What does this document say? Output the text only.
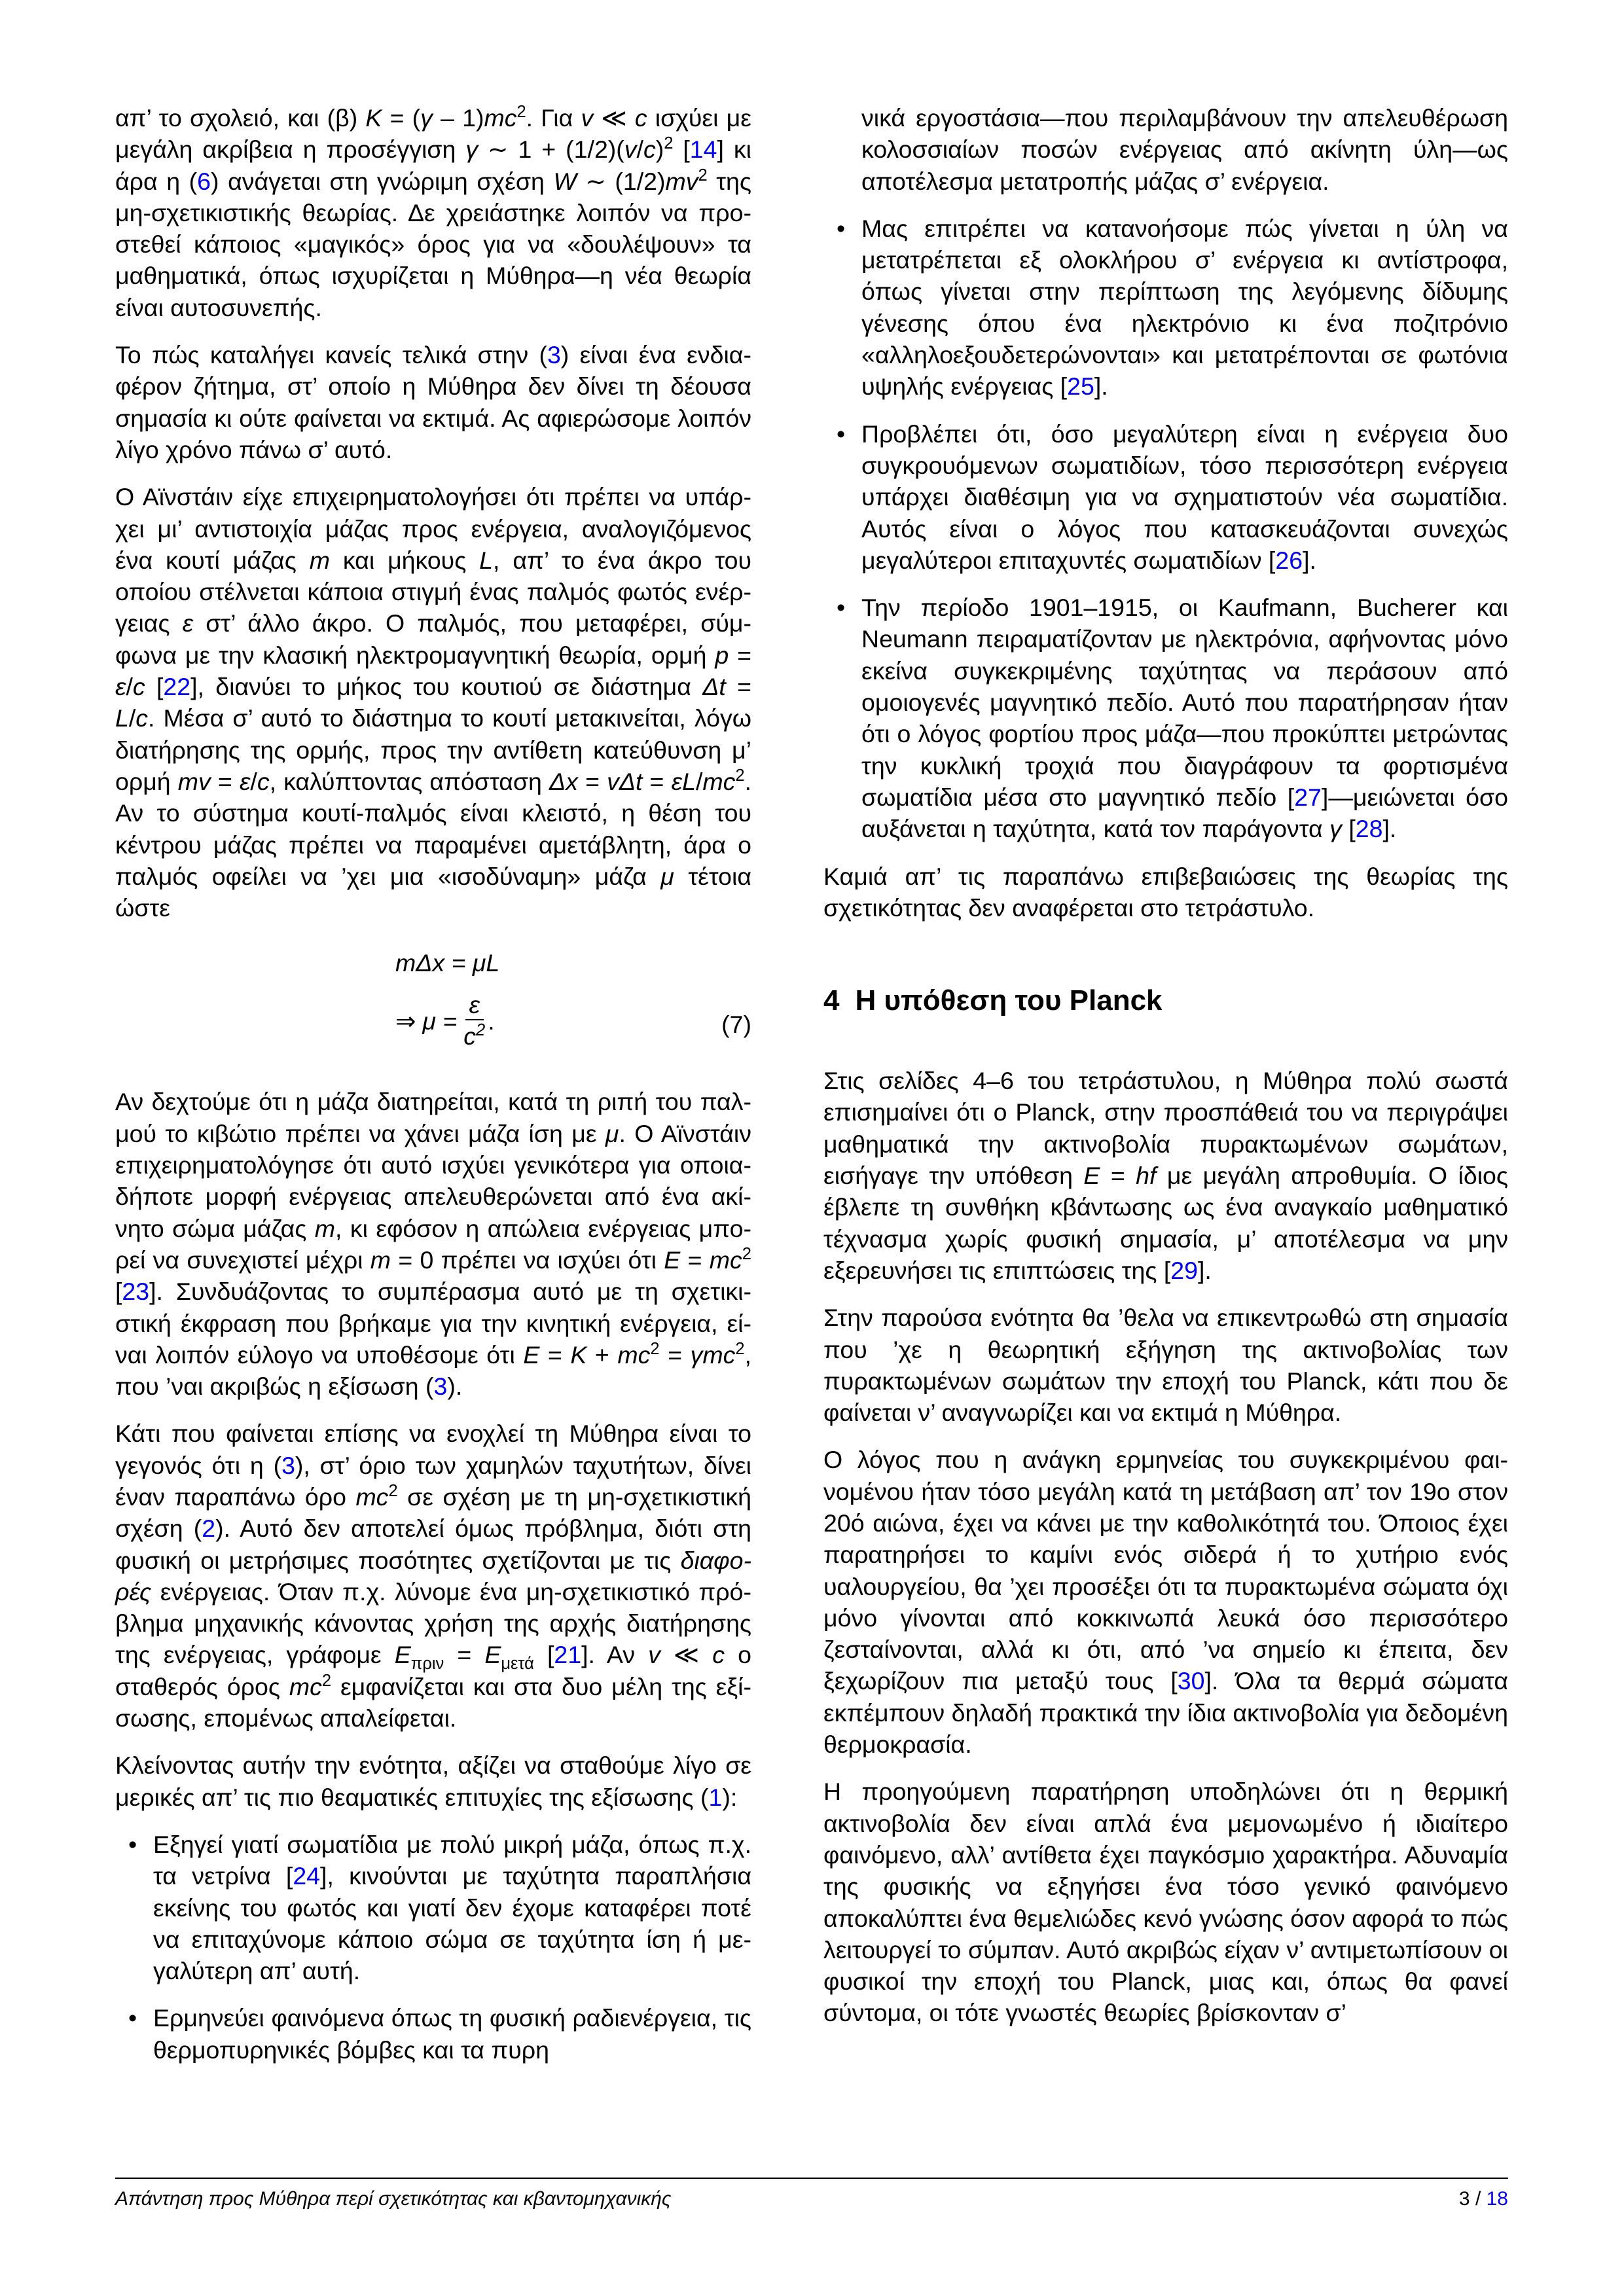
απ’ το σχολειό, και (β) $K = (\gamma - 1)mc^2$. Για v ≪ c ισχύει με μεγάλη ακρίβεια η προσέγγιση γ ∼ $1 + (1/2)(v/c)^2$ [14] κι άρα η (6) ανάγεται στη γνώριμη σχέση W ∼ $(1/2)mv^2$ της μη-σχετικιστικής θεωρίας. Δε χρειάστηκε λοιπόν να προστεθεί κάποιος «μαγικός» όρος για να «δουλέψουν» τα μαθηματικά, όπως ισχυρίζεται η Μύθηρα—η νέα θεωρία είναι αυτοσυνεπής.

Το πώς καταλήγει κανείς τελικά στην (3) είναι ένα ενδιαφέρον ζήτημα, στ’ οποίο η Μύθηρα δεν δίνει τη δέουσα σημασία κι ούτε φαίνεται να εκτιμά. Ας αφιερώσομε λοιπόν λίγο χρόνο πάνω σ’ αυτό.

Ο Αϊνστάιν είχε επιχειρηματολογήσει ότι πρέπει να υπάρχει μι’ αντιστοιχία μάζας προς ενέργεια, αναλογιζόμενος ένα κουτί μάζας m και μήκους L, απ’ το ένα άκρο του οποίου στέλνεται κάποια στιγμή ένας παλμός φωτός ενέργειας ε στ’ άλλο άκρο. Ο παλμός, που μεταφέρει, σύμφωνα με την κλασική ηλεκτρομαγνητική θεωρία, ορμή p = ε/c [22], διανύει το μήκος του κουτιού σε διάστημα Δt = L/c. Μέσα σ’ αυτό το διάστημα το κουτί μετακινείται, λόγω διατήρησης της ορμής, προς την αντίθετη κατεύθυνση μ’ ορμή mv = ε/c, καλύπτοντας απόσταση $\Delta x = v\Delta t = \varepsilon L/mc^2$. Αν το σύστημα κουτί-παλμός είναι κλειστό, η θέση του κέντρου μάζας πρέπει να παραμένει αμετάβλητη, άρα ο παλμός οφείλει να ’χει μια «ισοδύναμη» μάζα μ τέτοια ώστε

mΔx = μL
⇒ $\mu = \frac{\varepsilon}{c^2}$ .	(7)

Αν δεχτούμε ότι η μάζα διατηρείται, κατά τη ριπή του παλμού το κιβώτιο πρέπει να χάνει μάζα ίση με μ. Ο Αϊνστάιν επιχειρηματολόγησε ότι αυτό ισχύει γενικότερα για οποιαδήποτε μορφή ενέργειας απελευθερώνεται από ένα ακίνητο σώμα μάζας m, κι εφόσον η απώλεια ενέργειας μπορεί να συνεχιστεί μέχρι m = 0 πρέπει να ισχύει ότι $E = mc^2$ [23]. Συνδυάζοντας το συμπέρασμα αυτό με τη σχετικιστική έκφραση που βρήκαμε για την κινητική ενέργεια, είναι λοιπόν εύλογο να υποθέσομε ότι $E = K + mc^2 = \gamma mc^2$, που ’ναι ακριβώς η εξίσωση (3).

Κάτι που φαίνεται επίσης να ενοχλεί τη Μύθηρα είναι το γεγονός ότι η (3), στ’ όριο των χαμηλών ταχυτήτων, δίνει έναν παραπάνω όρο $mc^2$ σε σχέση με τη μη-σχετικιστική σχέση (2). Αυτό δεν αποτελεί όμως πρόβλημα, διότι στη φυσική οι μετρήσιμες ποσότητες σχετίζονται με τις διαφορές ενέργειας. Όταν π.χ. λύνομε ένα μη-σχετικιστικό πρόβλημα μηχανικής κάνοντας χρήση της αρχής διατήρησης της ενέργειας, γράφομε $E_{\pi\rho\iota\nu} = E_{\mu\varepsilon\tau ά}$ [21]. Αν v ≪ c ο σταθερός όρος $mc^2$ εμφανίζεται και στα δυο μέλη της εξίσωσης, επομένως απαλείφεται.

Κλείνοντας αυτήν την ενότητα, αξίζει να σταθούμε λίγο σε μερικές απ’ τις πιο θεαματικές επιτυχίες της εξίσωσης (1):

• Εξηγεί γιατί σωματίδια με πολύ μικρή μάζα, όπως π.χ. τα νετρίνα [24], κινούνται με ταχύτητα παραπλήσια εκείνης του φωτός και γιατί δεν έχομε καταφέρει ποτέ να επιταχύνομε κάποιο σώμα σε ταχύτητα ίση ή μεγαλύτερη απ’ αυτή.
• Ερμηνεύει φαινόμενα όπως τη φυσική ραδιενέργεια, τις θερμοπυρηνικές βόμβες και τα πυρη
νικά εργοστάσια—που περιλαμβάνουν την απελευθέρωση κολοσσιαίων ποσών ενέργειας από ακίνητη ύλη—ως αποτέλεσμα μετατροπής μάζας σ’ ενέργεια.
• Μας επιτρέπει να κατανοήσομε πώς γίνεται η ύλη να μετατρέπεται εξ ολοκλήρου σ’ ενέργεια κι αντίστροφα, όπως γίνεται στην περίπτωση της λεγόμενης δίδυμης γένεσης όπου ένα ηλεκτρόνιο κι ένα ποζιτρόνιο «αλληλοεξουδετερώνονται» και μετατρέπονται σε φωτόνια υψηλής ενέργειας [25].
• Προβλέπει ότι, όσο μεγαλύτερη είναι η ενέργεια δυο συγκρουόμενων σωματιδίων, τόσο περισσότερη ενέργεια υπάρχει διαθέσιμη για να σχηματιστούν νέα σωματίδια. Αυτός είναι ο λόγος που κατασκευάζονται συνεχώς μεγαλύτεροι επιταχυντές σωματιδίων [26].
• Την περίοδο 1901–1915, οι Kaufmann, Bucherer και Neumann πειραματίζονταν με ηλεκτρόνια, αφήνοντας μόνο εκείνα συγκεκριμένης ταχύτητας να περάσουν από ομοιογενές μαγνητικό πεδίο. Αυτό που παρατήρησαν ήταν ότι ο λόγος φορτίου προς μάζα—που προκύπτει μετρώντας την κυκλική τροχιά που διαγράφουν τα φορτισμένα σωματίδια μέσα στο μαγνητικό πεδίο [27]—μειώνεται όσο αυξάνεται η ταχύτητα, κατά τον παράγοντα γ [28].

Καμιά απ’ τις παραπάνω επιβεβαιώσεις της θεωρίας της σχετικότητας δεν αναφέρεται στο τετράστυλο.

4 Η υπόθεση του Planck

Στις σελίδες 4–6 του τετράστυλου, η Μύθηρα πολύ σωστά επισημαίνει ότι ο Planck, στην προσπάθειά του να περιγράψει μαθηματικά την ακτινοβολία πυρακτωμένων σωμάτων, εισήγαγε την υπόθεση E = hf με μεγάλη απροθυμία. Ο ίδιος έβλεπε τη συνθήκη κβάντωσης ως ένα αναγκαίο μαθηματικό τέχνασμα χωρίς φυσική σημασία, μ’ αποτέλεσμα να μην εξερευνήσει τις επιπτώσεις της [29].

Στην παρούσα ενότητα θα ’θελα να επικεντρωθώ στη σημασία που ’χε η θεωρητική εξήγηση της ακτινοβολίας των πυρακτωμένων σωμάτων την εποχή του Planck, κάτι που δε φαίνεται ν’ αναγνωρίζει και να εκτιμά η Μύθηρα.

Ο λόγος που η ανάγκη ερμηνείας του συγκεκριμένου φαινομένου ήταν τόσο μεγάλη κατά τη μετάβαση απ’ τον 19ο στον 20ό αιώνα, έχει να κάνει με την καθολικότητά του. Όποιος έχει παρατηρήσει το καμίνι ενός σιδερά ή το χυτήριο ενός υαλουργείου, θα ’χει προσέξει ότι τα πυρακτωμένα σώματα όχι μόνο γίνονται από κοκκινωπά λευκά όσο περισσότερο ζεσταίνονται, αλλά κι ότι, από ’να σημείο κι έπειτα, δεν ξεχωρίζουν πια μεταξύ τους [30]. Όλα τα θερμά σώματα εκπέμπουν δηλαδή πρακτικά την ίδια ακτινοβολία για δεδομένη θερμοκρασία.

Η προηγούμενη παρατήρηση υποδηλώνει ότι η θερμική ακτινοβολία δεν είναι απλά ένα μεμονωμένο ή ιδιαίτερο φαινόμενο, αλλ’ αντίθετα έχει παγκόσμιο χαρακτήρα. Αδυναμία της φυσικής να εξηγήσει ένα τόσο γενικό φαινόμενο αποκαλύπτει ένα θεμελιώδες κενό γνώσης όσον αφορά το πώς λειτουργεί το σύμπαν. Αυτό ακριβώς είχαν ν’ αντιμετωπίσουν οι φυσικοί την εποχή του Planck, μιας και, όπως θα φανεί σύντομα, οι τότε γνωστές θεωρίες βρίσκονταν σ’

Απάντηση προς Μύθηρα περί σχετικότητας και κβαντομηχανικής	3 / 18
